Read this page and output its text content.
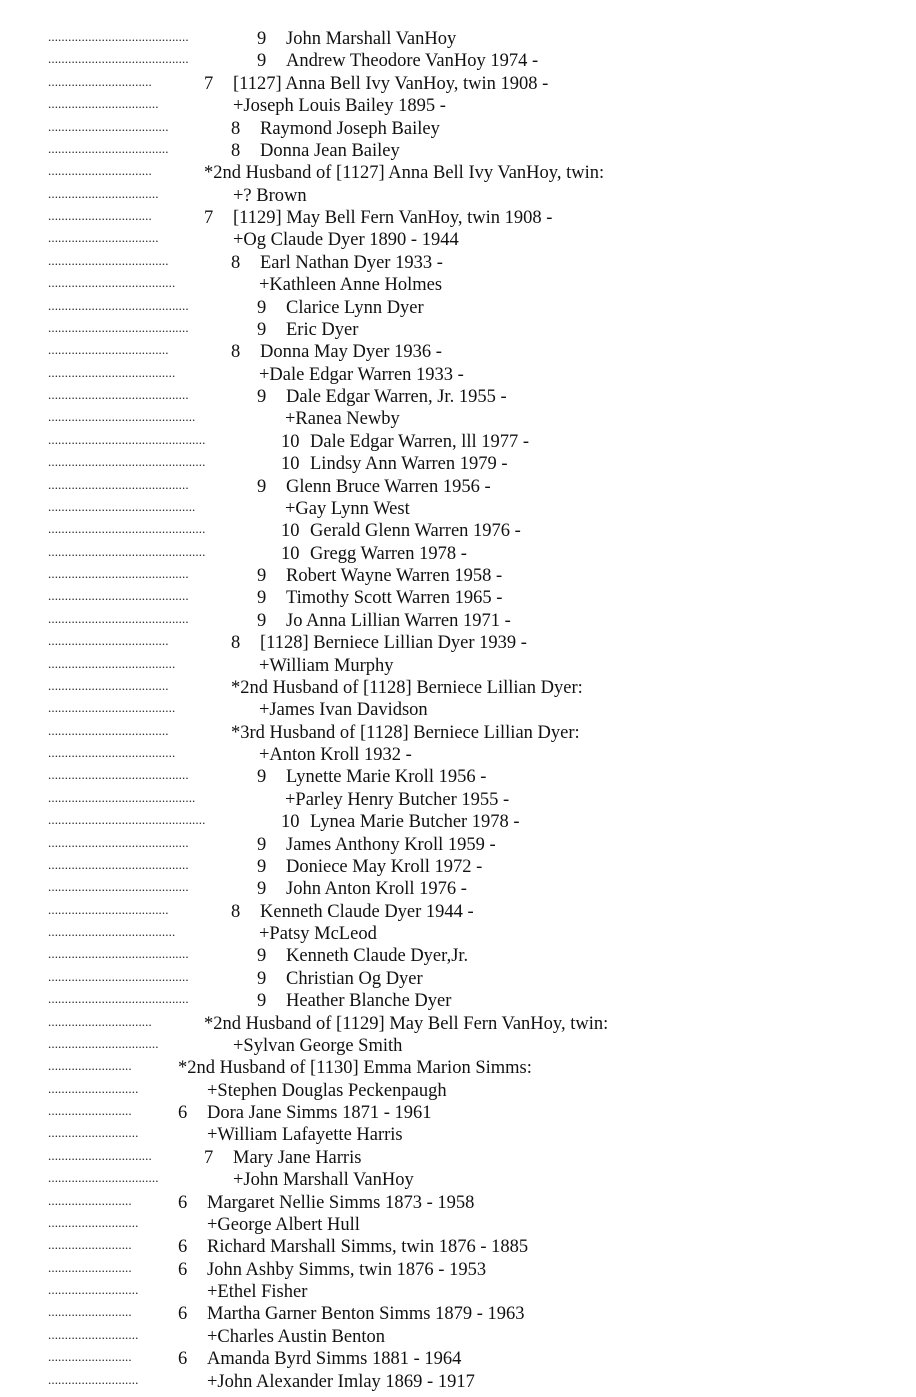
..........................................	9 John Marshall VanHoy
..........................................	9 Andrew Theodore VanHoy 1974 -
...............................	7 [1127] Anna Bell Ivy VanHoy, twin 1908 -
.................................	+Joseph Louis Bailey 1895 -
....................................	8 Raymond Joseph Bailey
....................................	8 Donna Jean Bailey
...............................	*2nd Husband of [1127] Anna Bell Ivy VanHoy, twin:
.................................	+? Brown
...............................	7 [1129] May Bell Fern VanHoy, twin 1908 -
.................................	+Og Claude Dyer 1890 - 1944
....................................	8 Earl Nathan Dyer 1933 -
......................................	+Kathleen Anne Holmes
..........................................	9 Clarice Lynn Dyer
..........................................	9 Eric Dyer
....................................	8 Donna May Dyer 1936 -
......................................	+Dale Edgar Warren 1933 -
..........................................	9 Dale Edgar Warren, Jr. 1955 -
............................................	+Ranea Newby
...............................................	10 Dale Edgar Warren, lll 1977 -
...............................................	10 Lindsy Ann Warren 1979 -
..........................................	9 Glenn Bruce Warren 1956 -
............................................	+Gay Lynn West
...............................................	10 Gerald Glenn Warren 1976 -
...............................................	10 Gregg Warren 1978 -
..........................................	9 Robert Wayne Warren 1958 -
..........................................	9 Timothy Scott Warren 1965 -
..........................................	9 Jo Anna Lillian Warren 1971 -
....................................	8 [1128] Berniece Lillian Dyer 1939 -
......................................	+William Murphy
....................................	*2nd Husband of [1128] Berniece Lillian Dyer:
......................................	+James Ivan Davidson
....................................	*3rd Husband of [1128] Berniece Lillian Dyer:
......................................	+Anton Kroll 1932 -
..........................................	9 Lynette Marie Kroll 1956 -
............................................	+Parley Henry Butcher 1955 -
...............................................	10 Lynea Marie Butcher 1978 -
..........................................	9 James Anthony Kroll 1959 -
..........................................	9 Doniece May Kroll 1972 -
..........................................	9 John Anton Kroll 1976 -
....................................	8 Kenneth Claude Dyer 1944 -
......................................	+Patsy McLeod
..........................................	9 Kenneth Claude Dyer,Jr.
..........................................	9 Christian Og Dyer
..........................................	9 Heather Blanche Dyer
...............................	*2nd Husband of [1129] May Bell Fern VanHoy, twin:
.................................	+Sylvan George Smith
.........................	*2nd Husband of [1130] Emma Marion Simms:
...........................	+Stephen Douglas Peckenpaugh
.........................	6 Dora Jane Simms 1871 - 1961
...........................	+William Lafayette Harris
...............................	7 Mary Jane Harris
.................................	+John Marshall VanHoy
.........................	6 Margaret Nellie Simms 1873 - 1958
...........................	+George Albert Hull
.........................	6 Richard Marshall Simms, twin 1876 - 1885
.........................	6 John Ashby Simms, twin 1876 - 1953
...........................	+Ethel Fisher
.........................	6 Martha Garner Benton Simms 1879 - 1963
...........................	+Charles Austin Benton
.........................	6 Amanda Byrd Simms 1881 - 1964
...........................	+John Alexander Imlay 1869 - 1917
